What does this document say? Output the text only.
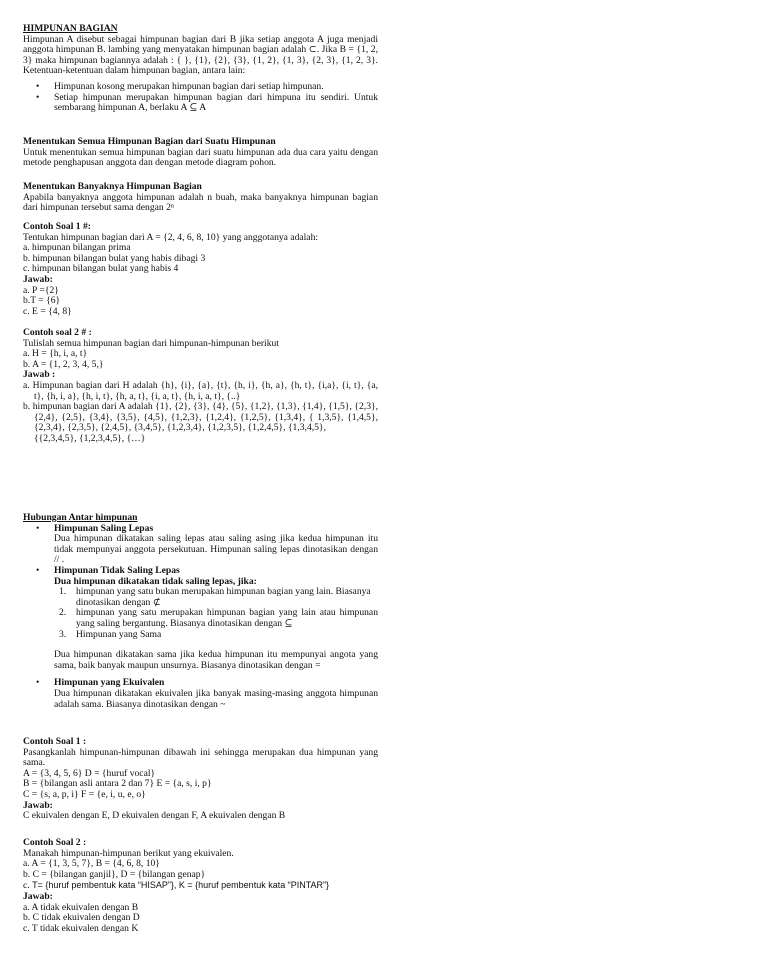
HIMPUNAN BAGIAN

Himpunan A disebut sebagai himpunan bagian dari B jika setiap anggota A juga menjadi anggota himpunan B. lambing yang menyatakan himpunan bagian adalah ⊂. Jika B = {1, 2, 3} maka himpunan bagiannya adalah : { }, {1}, {2}, {3}, {1, 2}, {1, 3}, {2, 3}, {1, 2, 3}. Ketentuan-ketentuan dalam himpunan bagian, antara lain:

• Himpunan kosong merupakan himpunan bagian dari setiap himpunan.
• Setiap himpunan merupakan himpunan bagian dari himpuna itu sendiri. Untuk sembarang himpunan A, berlaku A ⊆ A
Menentukan Semua Himpunan Bagian dari Suatu Himpunan

Untuk menentukan semua himpunan bagian dari suatu himpunan ada dua cara yaitu dengan metode penghapusan anggota dan dengan metode diagram pohon.

Menentukan Banyaknya Himpunan Bagian

Apabila banyaknya anggota himpunan adalah n buah, maka banyaknya himpunan bagian dari himpunan tersebut sama dengan 2ⁿ

Contoh Soal 1 #:
Tentukan himpunan bagian dari A = {2, 4, 6, 8, 10} yang anggotanya adalah:
a. himpunan bilangan prima
b. himpunan bilangan bulat yang habis dibagi 3
c. himpunan bilangan bulat yang habis 4
Jawab:
a. P ={2}
b.T = {6}
c. E = {4, 8}
Contoh soal 2 # :
Tulislah semua himpunan bagian dari himpunan-himpunan berikut
a. H = {h, i, a, t}
b. A = {1, 2, 3, 4, 5,}
Jawab :
a. Himpunan bagian dari H adalah {h}, {i}, {a}, {t}, {h, i}, {h, a}, {h, t}, {i,a}, {i, t}, {a, t}, {h, i, a}, {h, i, t}, {h, a, t}, {i, a, t}, {h, i, a, t}, {..}
b. himpunan bagian dari A adalah {1}, {2}, {3}, {4}, {5}, {1,2}, {1,3}, {1,4}, {1,5}, {2,3}, {2,4}, {2,5}, {3,4}, {3,5}, {4,5}, {1,2,3}, {1,2,4}, {1,2,5}, {1,3,4}, { 1,3,5}, {1,4,5}, {2,3,4}, {2,3,5}, {2,4,5}, {3,4,5}, {1,2,3,4}, {1,2,3,5}, {1,2,4,5}, {1,3,4,5},
{{2,3,4,5}, {1,2,3,4,5}, {…}
Hubungan Antar himpunan
• Himpunan Saling Lepas
Dua himpunan dikatakan saling lepas atau saling asing jika kedua himpunan itu tidak mempunyai anggota persekutuan. Himpunan saling lepas dinotasikan dengan // .
• Himpunan Tidak Saling Lepas
Dua himpunan dikatakan tidak saling lepas, jika:
1. himpunan yang satu bukan merupakan himpunan bagian yang lain. Biasanya dinotasikan dengan ⊄
2. himpunan yang satu merupakan himpunan bagian yang lain atau himpunan yang saling bergantung. Biasanya dinotasikan dengan ⊆
3. Himpunan yang Sama
Dua himpunan dikatakan sama jika kedua himpunan itu mempunyai angota yang sama, baik banyak maupun unsurnya. Biasanya dinotasikan dengan =
• Himpunan yang Ekuivalen
Dua himpunan dikatakan ekuivalen jika banyak masing-masing anggota himpunan adalah sama. Biasanya dinotasikan dengan ~
Contoh Soal 1 :
Pasangkanlah himpunan-himpunan dibawah ini sehingga merupakan dua himpunan yang sama.
A = {3, 4, 5, 6} D = {huruf vocal}
B = {bilangan asli antara 2 dan 7} E = {a, s, i, p}
C = {s, a, p, i} F = {e, i, u, e, o}
Jawab:
C ekuivalen dengan E, D ekuivalen dengan F, A ekuivalen dengan B
Contoh Soal 2 :
Manakah himpunan-himpunan berikut yang ekuivalen.
a. A = {1, 3, 5, 7}, B = {4, 6, 8, 10}
b. C = {bilangan ganjil}, D = {bilangan genap}
c. T= {huruf pembentuk kata “HISAP”}, K = {huruf pembentuk kata “PINTAR”}
Jawab:
a. A tidak ekuivalen dengan B
b. C tidak ekuivalen dengan D
c. T tidak ekuivalen dengan K
